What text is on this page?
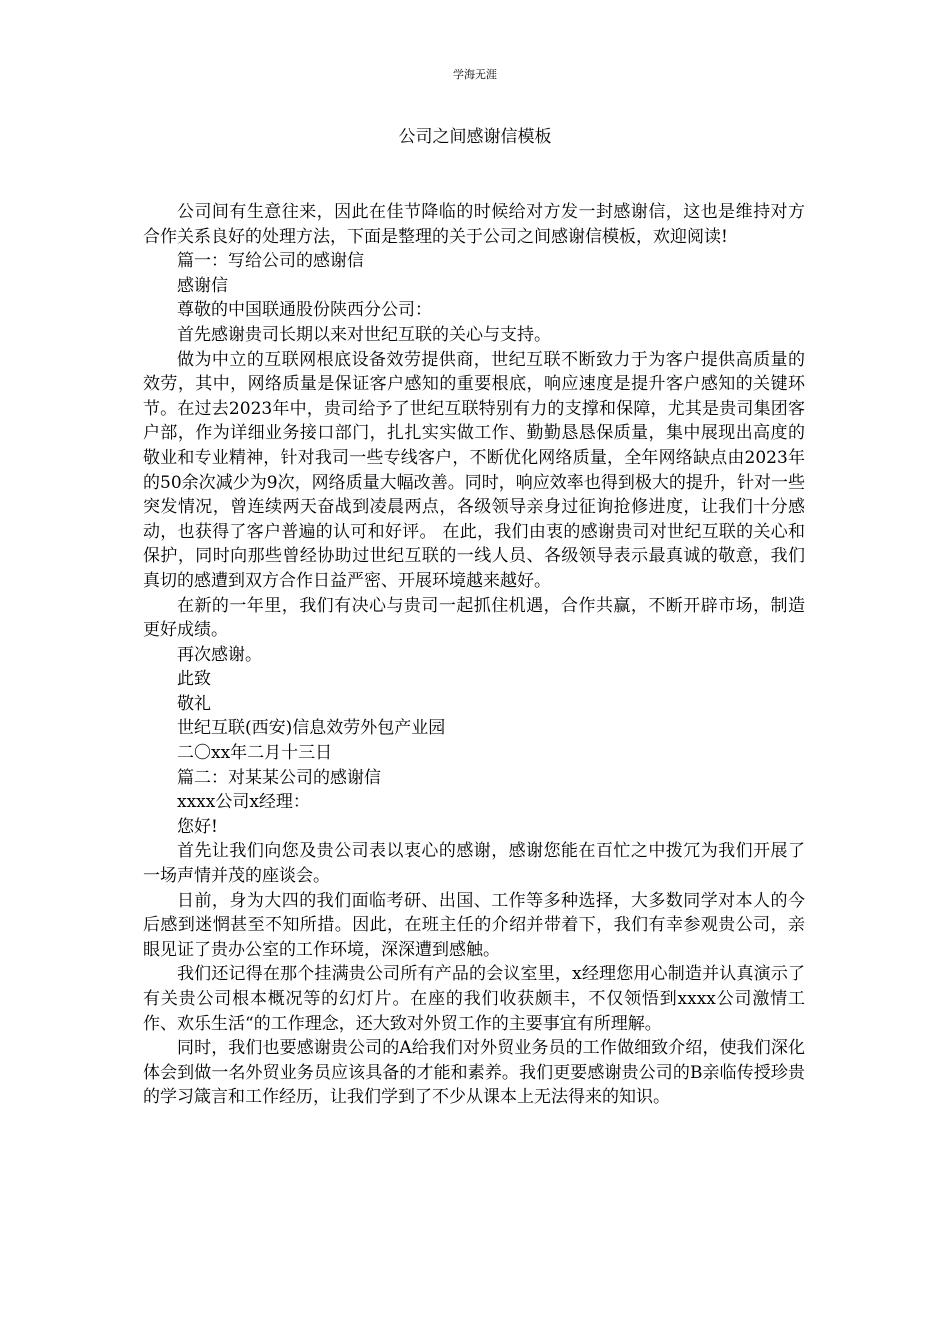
学海无涯
公司之间感谢信模板

公司间有生意往来，因此在佳节降临的时候给对方发一封感谢信，这也是维持对方合作关系良好的处理方法，下面是整理的关于公司之间感谢信模板，欢迎阅读!

篇一：写给公司的感谢信

感谢信

尊敬的中国联通股份陕西分公司：

首先感谢贵司长期以来对世纪互联的关心与支持。

做为中立的互联网根底设备效劳提供商，世纪互联不断致力于为客户提供高质量的效劳，其中，网络质量是保证客户感知的重要根底，响应速度是提升客户感知的关键环节。在过去2023年中，贵司给予了世纪互联特别有力的支撑和保障，尤其是贵司集团客户部，作为详细业务接口部门，扎扎实实做工作、勤勤恳恳保质量，集中展现出高度的敬业和专业精神，针对我司一些专线客户，不断优化网络质量，全年网络缺点由2023年的50余次减少为9次，网络质量大幅改善。同时，响应效率也得到极大的提升，针对一些突发情况，曾连续两天奋战到凌晨两点，各级领导亲身过征询抢修进度，让我们十分感动，也获得了客户普遍的认可和好评。 在此，我们由衷的感谢贵司对世纪互联的关心和保护，同时向那些曾经协助过世纪互联的一线人员、各级领导表示最真诚的敬意，我们真切的感遭到双方合作日益严密、开展环境越来越好。

在新的一年里，我们有决心与贵司一起抓住机遇，合作共赢，不断开辟市场，制造更好成绩。

再次感谢。

此致

敬礼

世纪互联(西安)信息效劳外包产业园

二〇xx年二月十三日

篇二：对某某公司的感谢信

xxxx公司x经理：

您好!

首先让我们向您及贵公司表以衷心的感谢，感谢您能在百忙之中拨冗为我们开展了一场声情并茂的座谈会。

日前，身为大四的我们面临考研、出国、工作等多种选择，大多数同学对本人的今后感到迷惘甚至不知所措。因此，在班主任的介绍并带着下，我们有幸参观贵公司，亲眼见证了贵办公室的工作环境，深深遭到感触。

我们还记得在那个挂满贵公司所有产品的会议室里，x经理您用心制造并认真演示了有关贵公司根本概况等的幻灯片。在座的我们收获颇丰，不仅领悟到xxxx公司激情工作、欢乐生活“的工作理念，还大致对外贸工作的主要事宜有所理解。

同时，我们也要感谢贵公司的A给我们对外贸业务员的工作做细致介绍，使我们深化体会到做一名外贸业务员应该具备的才能和素养。我们更要感谢贵公司的B亲临传授珍贵的学习箴言和工作经历，让我们学到了不少从课本上无法得来的知识。
